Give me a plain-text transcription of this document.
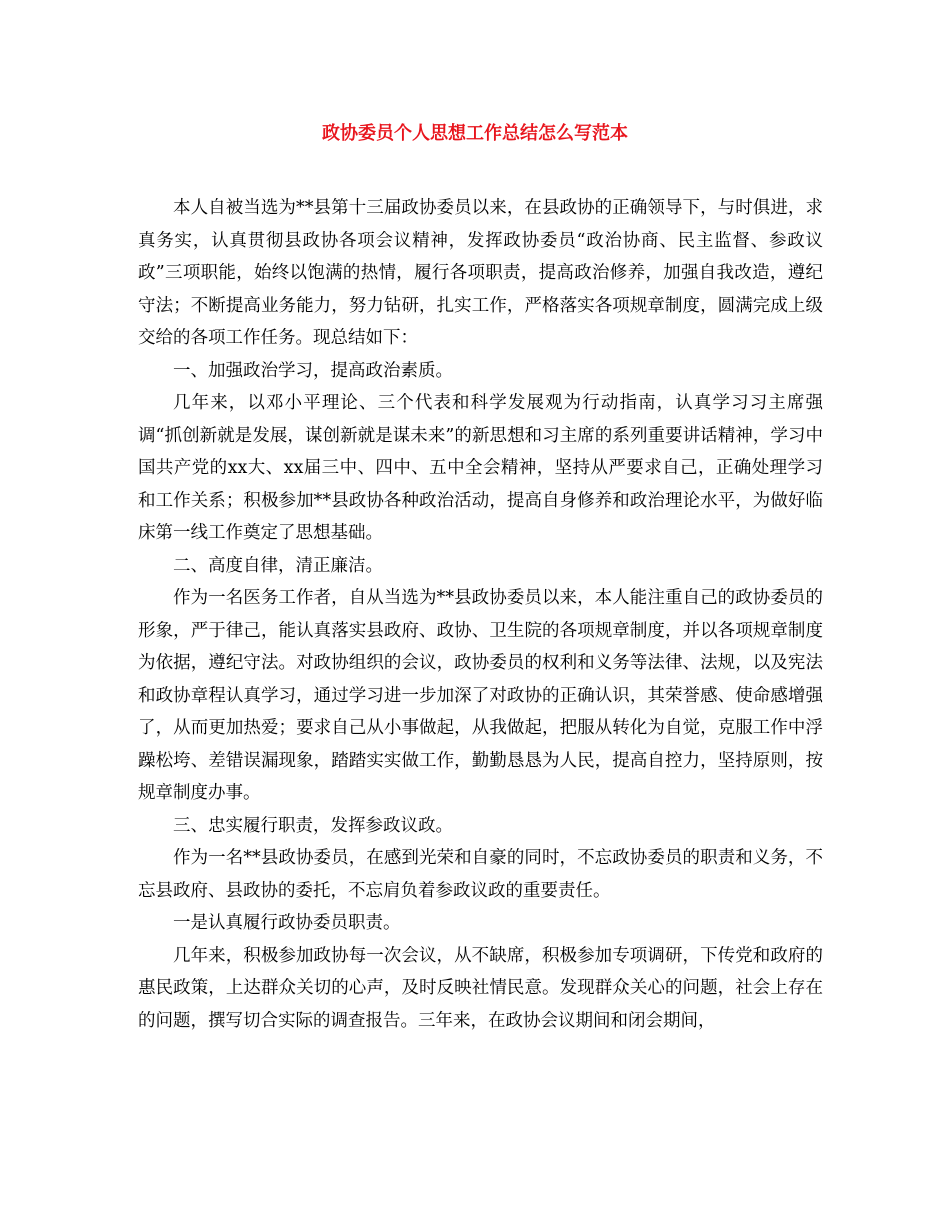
政协委员个人思想工作总结怎么写范本

本人自被当选为**县第十三届政协委员以来，在县政协的正确领导下，与时俱进，求真务实，认真贯彻县政协各项会议精神，发挥政协委员“政治协商、民主监督、参政议政”三项职能，始终以饱满的热情，履行各项职责，提高政治修养，加强自我改造，遵纪守法；不断提高业务能力，努力钻研，扎实工作，严格落实各项规章制度，圆满完成上级交给的各项工作任务。现总结如下：

一、加强政治学习，提高政治素质。

几年来，以邓小平理论、三个代表和科学发展观为行动指南，认真学习习主席强调“抓创新就是发展，谋创新就是谋未来”的新思想和习主席的系列重要讲话精神，学习中国共产党的xx大、xx届三中、四中、五中全会精神，坚持从严要求自己，正确处理学习和工作关系；积极参加**县政协各种政治活动，提高自身修养和政治理论水平，为做好临床第一线工作奠定了思想基础。

二、高度自律，清正廉洁。

作为一名医务工作者，自从当选为**县政协委员以来，本人能注重自己的政协委员的形象，严于律己，能认真落实县政府、政协、卫生院的各项规章制度，并以各项规章制度为依据，遵纪守法。对政协组织的会议，政协委员的权利和义务等法律、法规，以及宪法和政协章程认真学习，通过学习进一步加深了对政协的正确认识，其荣誉感、使命感增强了，从而更加热爱；要求自己从小事做起，从我做起，把服从转化为自觉，克服工作中浮躁松垮、差错误漏现象，踏踏实实做工作，勤勤恳恳为人民，提高自控力，坚持原则，按规章制度办事。

三、忠实履行职责，发挥参政议政。

作为一名**县政协委员，在感到光荣和自豪的同时，不忘政协委员的职责和义务，不忘县政府、县政协的委托，不忘肩负着参政议政的重要责任。

一是认真履行政协委员职责。

几年来，积极参加政协每一次会议，从不缺席，积极参加专项调研，下传党和政府的惠民政策，上达群众关切的心声，及时反映社情民意。发现群众关心的问题，社会上存在的问题，撰写切合实际的调查报告。三年来，在政协会议期间和闭会期间，
